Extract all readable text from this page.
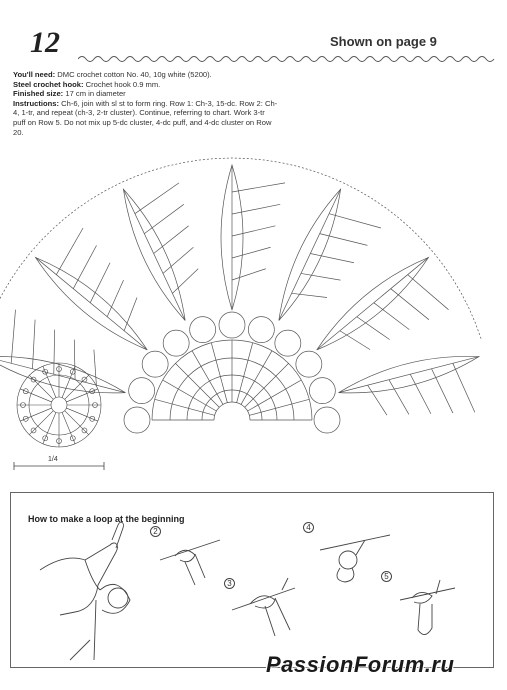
12	Shown on page 9
You'll need: DMC crochet cotton No. 40, 10g white (5200).
Steel crochet hook: Crochet hook 0.9 mm.
Finished size: 17 cm in diameter
Instructions: Ch-6, join with sl st to form ring. Row 1: Ch-3, 15-dc. Row 2: Ch-4, 1-tr, and repeat (ch-3, 2-tr cluster). Continue, referring to chart. Work 3-tr puff on Row 5. Do not mix up 5-dc cluster, 4-dc puff, and 4-dc cluster on Row 20.
1/4
How to make a loop at the beginning
2
3
4
5
PassionForum.ru
